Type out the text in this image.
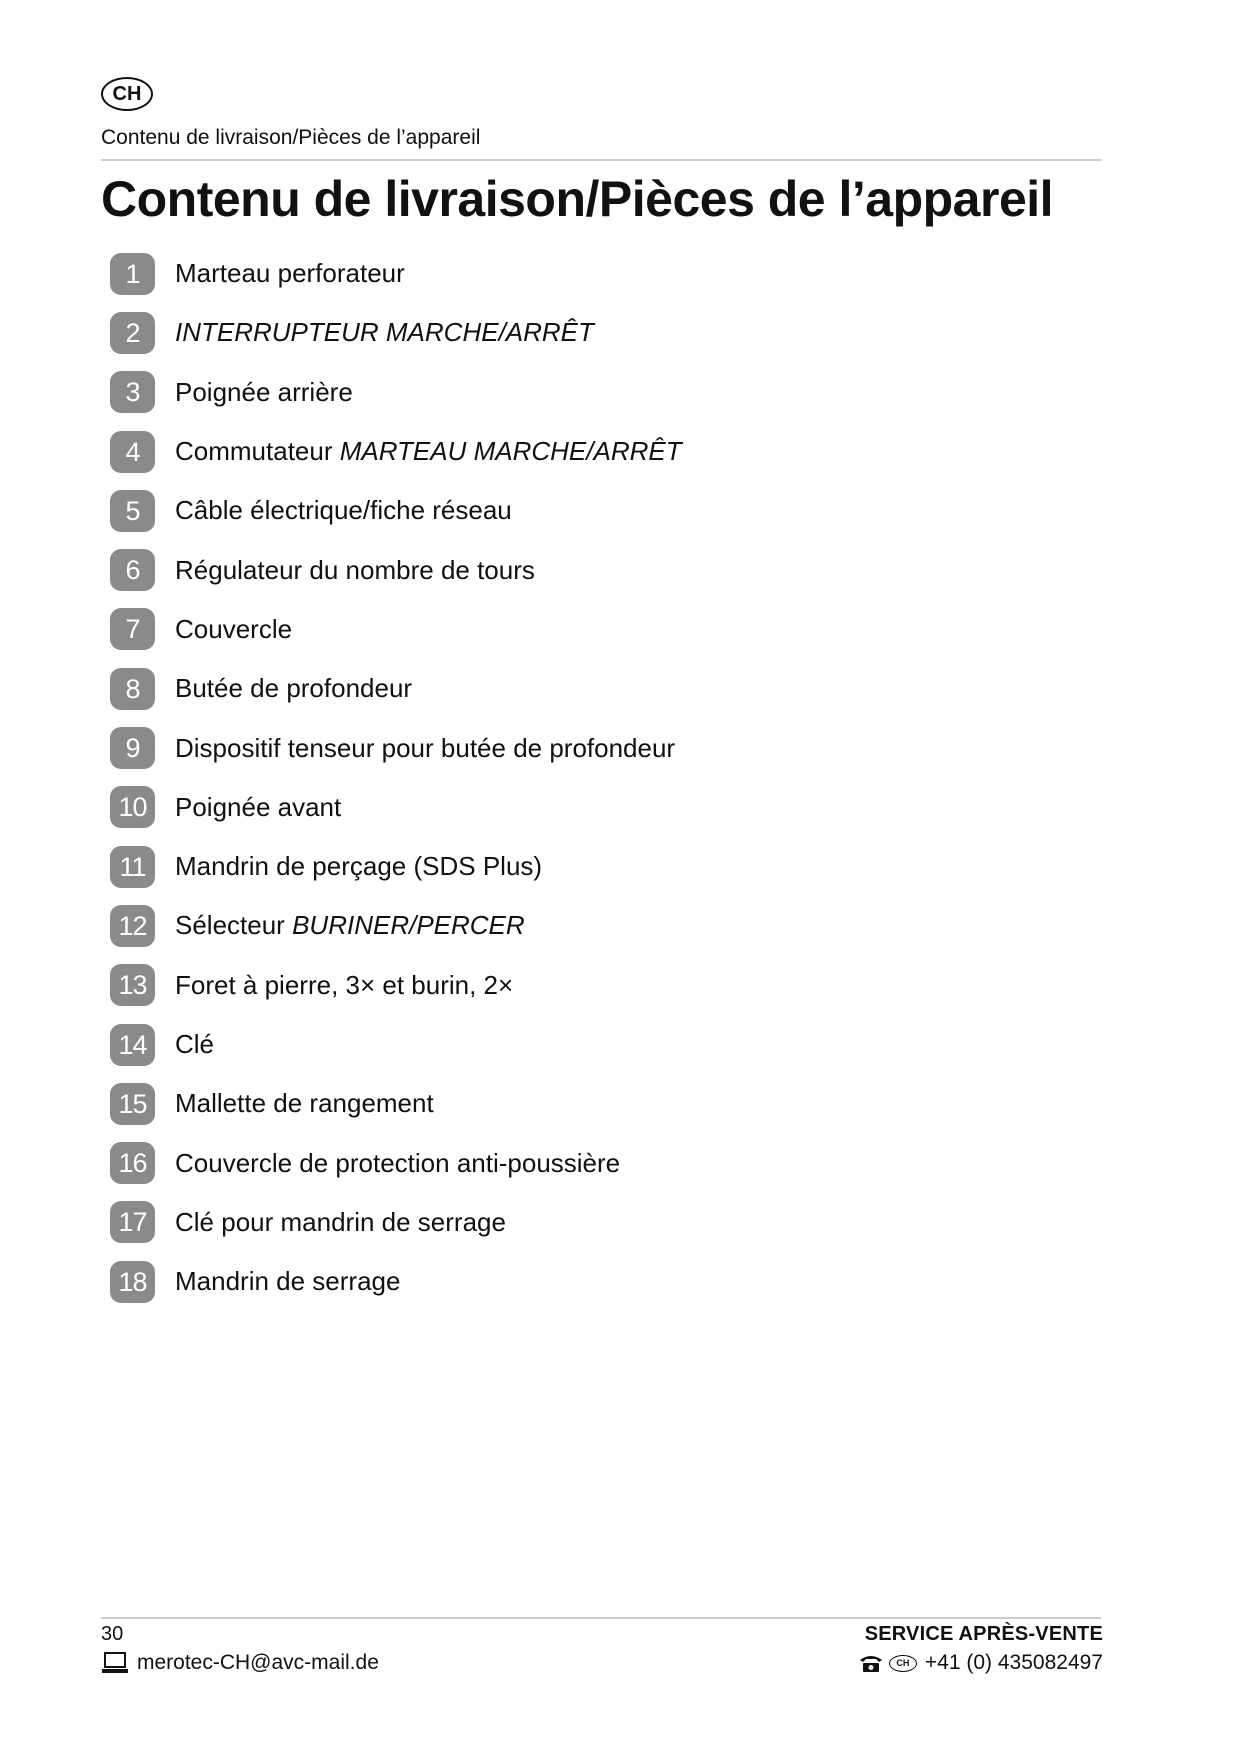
CH
Contenu de livraison/Pièces de l’appareil
Contenu de livraison/Pièces de l’appareil
1	Marteau perforateur
2	INTERRUPTEUR MARCHE/ARRÊT
3	Poignée arrière
4	Commutateur MARTEAU MARCHE/ARRÊT
5	Câble électrique/fiche réseau
6	Régulateur du nombre de tours
7	Couvercle
8	Butée de profondeur
9	Dispositif tenseur pour butée de profondeur
10	Poignée avant
11	Mandrin de perçage (SDS Plus)
12	Sélecteur BURINER/PERCER
13	Foret à pierre, 3× et burin, 2×
14	Clé
15	Mallette de rangement
16	Couvercle de protection anti-poussière
17	Clé pour mandrin de serrage
18	Mandrin de serrage
30
merotec-CH@avc-mail.de
SERVICE APRÈS-VENTE
CH +41 (0) 435082497
